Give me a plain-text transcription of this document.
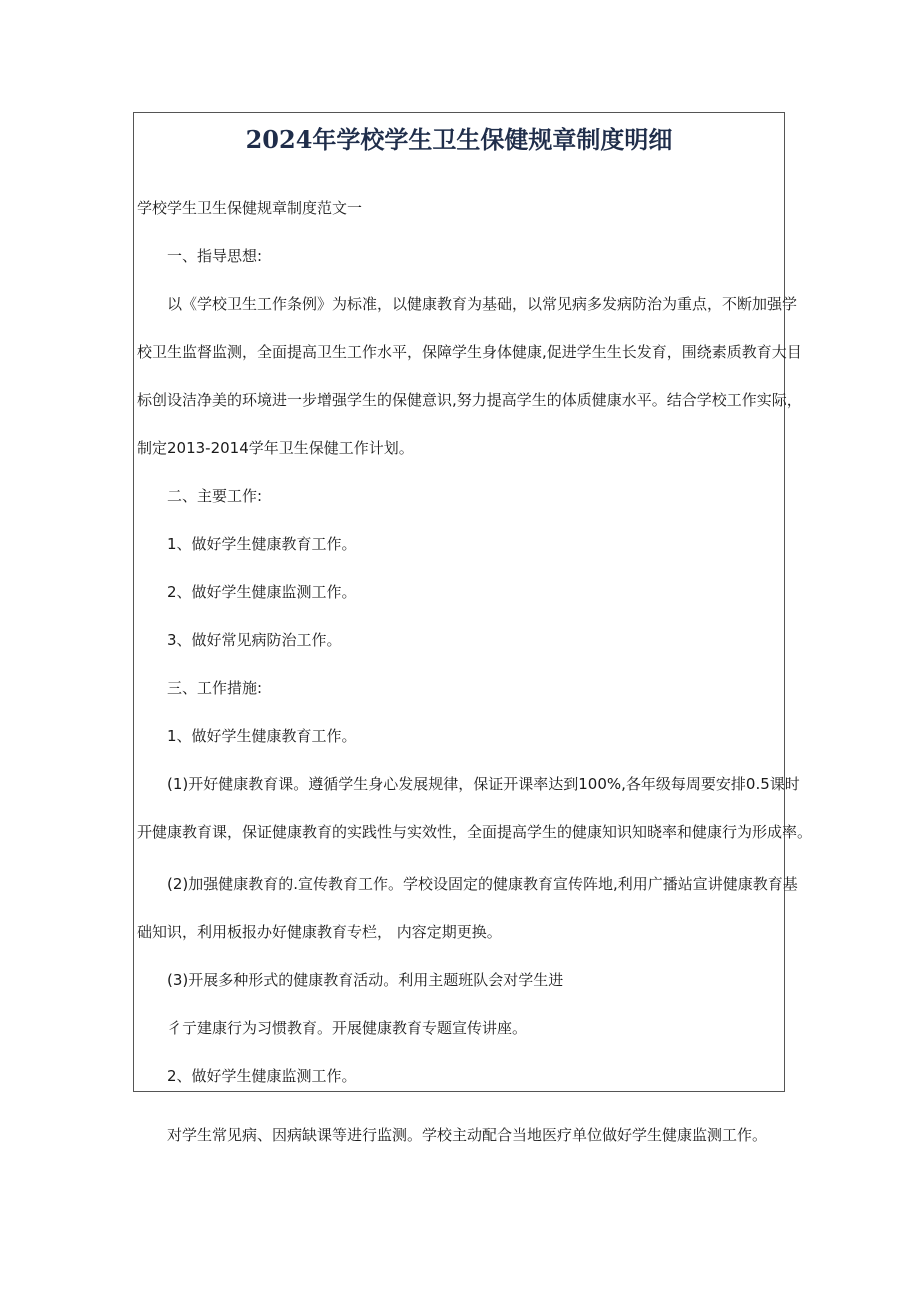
2024年学校学生卫生保健规章制度明细
学校学生卫生保健规章制度范文一
一、指导思想:
以《学校卫生工作条例》为标准，以健康教育为基础，以常见病多发病防治为重点，不断加强学
校卫生监督监测，全面提高卫生工作水平，保障学生身体健康,促进学生生长发育，围绕素质教育大目
标创设洁净美的环境进一步增强学生的保健意识,努力提高学生的体质健康水平。结合学校工作实际，
制定2013-2014学年卫生保健工作计划。
二、主要工作:
1、做好学生健康教育工作。
2、做好学生健康监测工作。
3、做好常见病防治工作。
三、工作措施:
1、做好学生健康教育工作。
(1)开好健康教育课。遵循学生身心发展规律，保证开课率达到100%,各年级每周要安排0.5课时
开健康教育课，保证健康教育的实践性与实效性，全面提高学生的健康知识知晓率和健康行为形成率。
(2)加强健康教育的.宣传教育工作。学校设固定的健康教育宣传阵地,利用广播站宣讲健康教育基
础知识，利用板报办好健康教育专栏， 内容定期更换。
(3)开展多种形式的健康教育活动。利用主题班队会对学生进
彳亍建康行为习惯教育。开展健康教育专题宣传讲座。
2、做好学生健康监测工作。
对学生常见病、因病缺课等进行监测。学校主动配合当地医疗单位做好学生健康监测工作。
